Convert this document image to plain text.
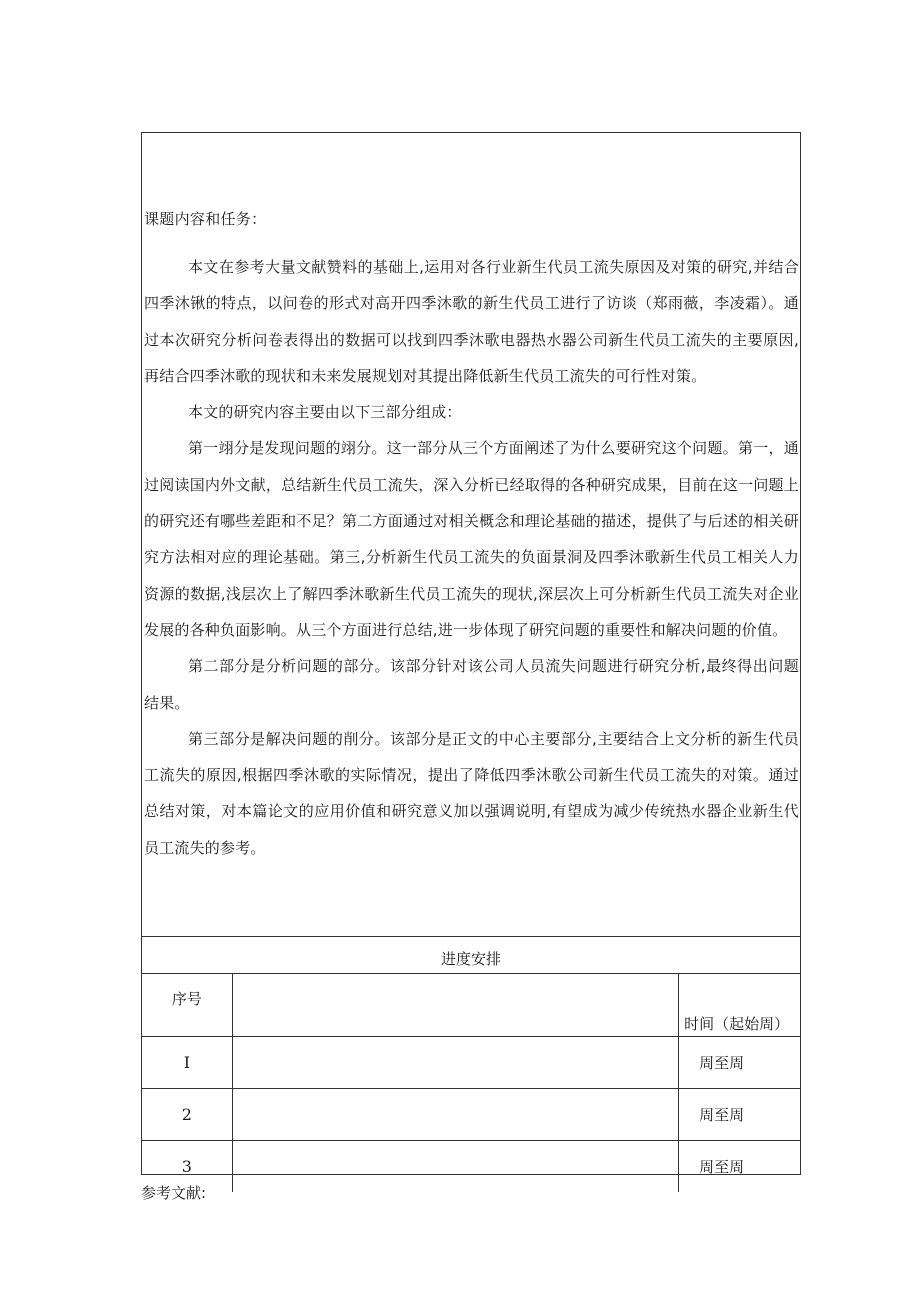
课题内容和任务：

本文在参考大量文献赞料的基础上,运用对各行业新生代员工流失原因及对策的研究,并结合四季沐锹的特点，以问卷的形式对高开四季沐歌的新生代员工进行了访谈（郑雨薇，李凌霜）。通过本次研究分析问卷表得出的数据可以找到四季沐歌电器热水器公司新生代员工流失的主要原因,再结合四季沐歌的现状和未来发展规划对其提出降低新生代员工流失的可行性对策。

本文的研究内容主要由以下三部分组成：

第一翊分是发现问题的翊分。这一部分从三个方面阐述了为什么要研究这个问题。第一，通过阅读国内外文献，总结新生代员工流失，深入分析已经取得的各种研究成果，目前在这一问题上的研究还有哪些差距和不足？第二方面通过对相关概念和理论基础的描述，提供了与后述的相关研究方法相对应的理论基础。第三,分析新生代员工流失的负面景洞及四季沐歌新生代员工相关人力资源的数据,浅层次上了解四季沐歌新生代员工流失的现状,深层次上可分析新生代员工流失对企业发展的各种负面影响。从三个方面进行总结,进一步体现了研究问题的重要性和解决问题的价值。

第二部分是分析问题的部分。该部分针对该公司人员流失问题进行研究分析,最终得出问题结果。

第三部分是解决问题的削分。该部分是正文的中心主要部分,主要结合上文分析的新生代员工流失的原因,根据四季沐歌的实际情况，提出了降低四季沐歌公司新生代员工流失的对策。通过总结对策，对本篇论文的应用价值和研究意义加以强调说明,有望成为减少传统热水器企业新生代员工流失的参考。

进度安排
序号		时间（起始周）
I		周至周
2		周至周
3		周至周
参考文献:
